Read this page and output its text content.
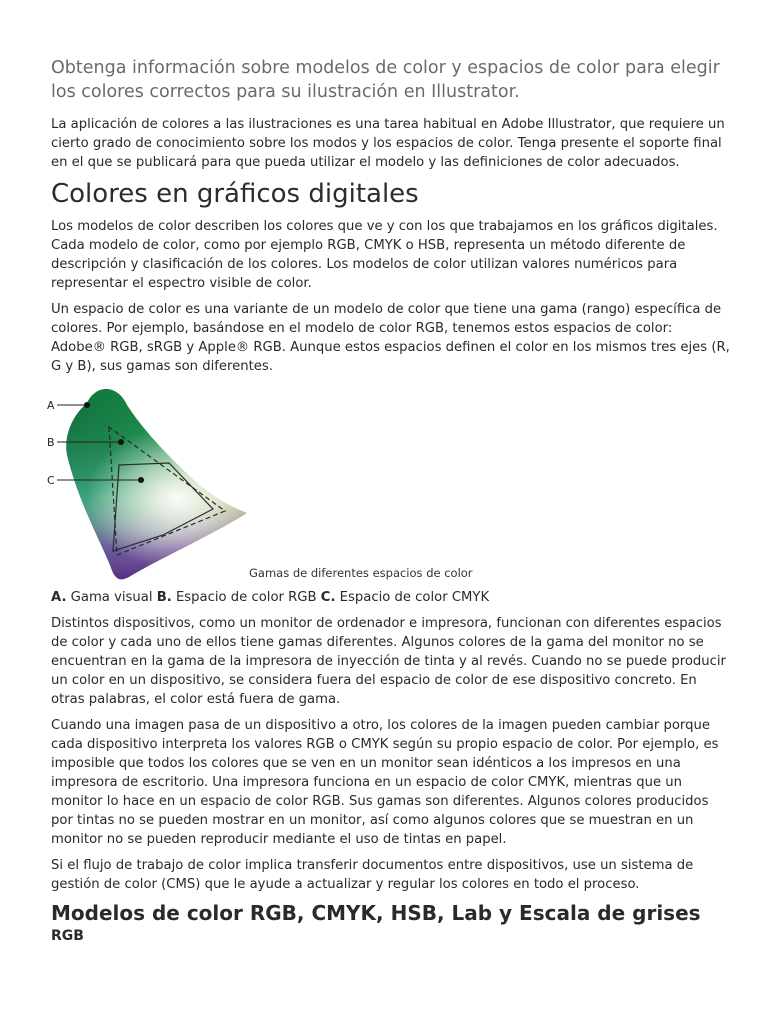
Obtenga información sobre modelos de color y espacios de color para elegir los colores correctos para su ilustración en Illustrator.

La aplicación de colores a las ilustraciones es una tarea habitual en Adobe Illustrator, que requiere un cierto grado de conocimiento sobre los modos y los espacios de color. Tenga presente el soporte final en el que se publicará para que pueda utilizar el modelo y las definiciones de color adecuados.

Colores en gráficos digitales

Los modelos de color describen los colores que ve y con los que trabajamos en los gráficos digitales. Cada modelo de color, como por ejemplo RGB, CMYK o HSB, representa un método diferente de descripción y clasificación de los colores. Los modelos de color utilizan valores numéricos para representar el espectro visible de color.

Un espacio de color es una variante de un modelo de color que tiene una gama (rango) específica de colores. Por ejemplo, basándose en el modelo de color RGB, tenemos estos espacios de color: Adobe® RGB, sRGB y Apple® RGB. Aunque estos espacios definen el color en los mismos tres ejes (R, G y B), sus gamas son diferentes.

A
B
C
Gamas de diferentes espacios de color

A. Gama visual B. Espacio de color RGB C. Espacio de color CMYK

Distintos dispositivos, como un monitor de ordenador e impresora, funcionan con diferentes espacios de color y cada uno de ellos tiene gamas diferentes. Algunos colores de la gama del monitor no se encuentran en la gama de la impresora de inyección de tinta y al revés. Cuando no se puede producir un color en un dispositivo, se considera fuera del espacio de color de ese dispositivo concreto. En otras palabras, el color está fuera de gama.

Cuando una imagen pasa de un dispositivo a otro, los colores de la imagen pueden cambiar porque cada dispositivo interpreta los valores RGB o CMYK según su propio espacio de color. Por ejemplo, es imposible que todos los colores que se ven en un monitor sean idénticos a los impresos en una impresora de escritorio. Una impresora funciona en un espacio de color CMYK, mientras que un monitor lo hace en un espacio de color RGB. Sus gamas son diferentes. Algunos colores producidos por tintas no se pueden mostrar en un monitor, así como algunos colores que se muestran en un monitor no se pueden reproducir mediante el uso de tintas en papel.

Si el flujo de trabajo de color implica transferir documentos entre dispositivos, use un sistema de gestión de color (CMS) que le ayude a actualizar y regular los colores en todo el proceso.

Modelos de color RGB, CMYK, HSB, Lab y Escala de grises
RGB
